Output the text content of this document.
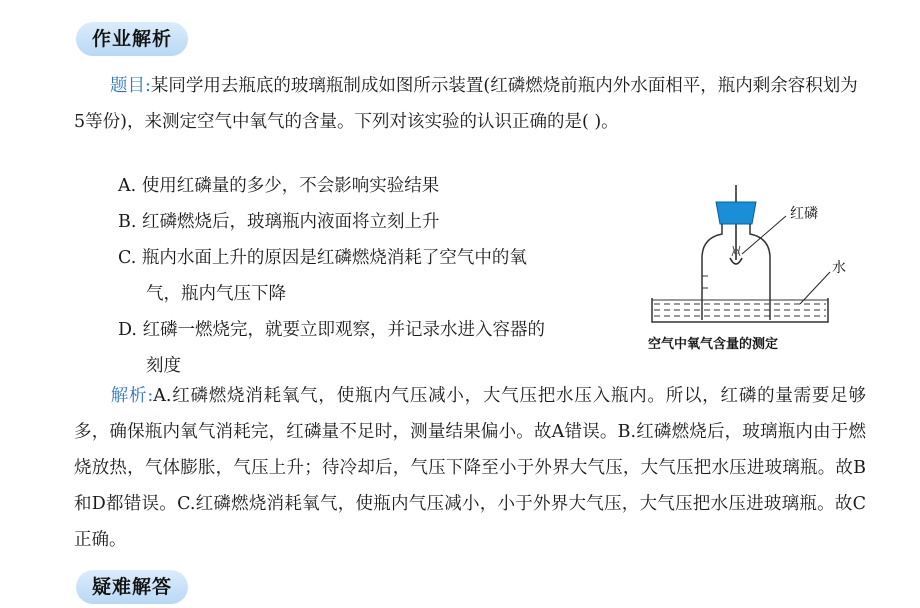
作业解析
题目:某同学用去瓶底的玻璃瓶制成如图所示装置(红磷燃烧前瓶内外水面相平，瓶内剩余容积划为5等份)，来测定空气中氧气的含量。下列对该实验的认识正确的是( )。
A. 使用红磷量的多少，不会影响实验结果
B. 红磷燃烧后，玻璃瓶内液面将立刻上升
C. 瓶内水面上升的原因是红磷燃烧消耗了空气中的氧
气，瓶内气压下降
D. 红磷一燃烧完，就要立即观察，并记录水进入容器的
刻度
红磷
水
空气中氧气含量的测定
解析:A.红磷燃烧消耗氧气，使瓶内气压减小，大气压把水压入瓶内。所以，红磷的量需要足够多，确保瓶内氧气消耗完，红磷量不足时，测量结果偏小。故A错误。B.红磷燃烧后，玻璃瓶内由于燃烧放热，气体膨胀，气压上升；待冷却后，气压下降至小于外界大气压，大气压把水压进玻璃瓶。故B和D都错误。C.红磷燃烧消耗氧气，使瓶内气压减小，小于外界大气压，大气压把水压进玻璃瓶。故C正确。
疑难解答
